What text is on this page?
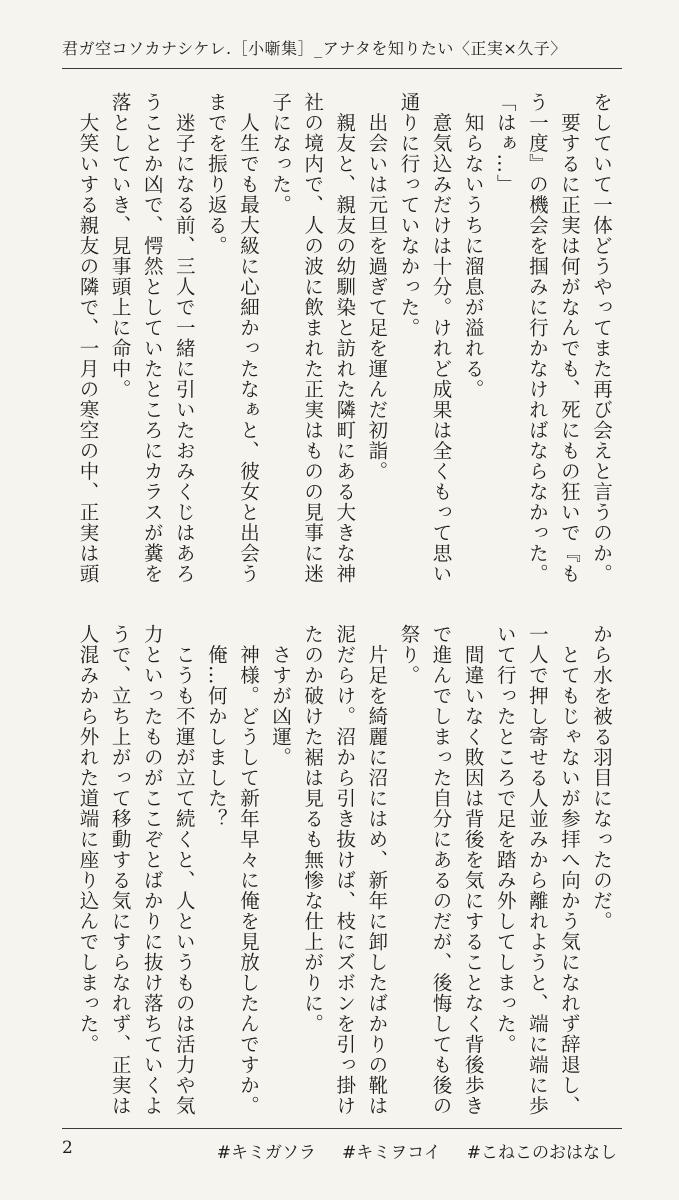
君ガ空コソカナシケレ.［小噺集］_アナタを知りたい〈正実×久子〉

をしていて一体どうやってまた再び会えと言うのか。

　要するに正実は何がなんでも、死にもの狂いで『も

う一度』の機会を掴みに行かなければならなかった。

「はぁ…」

　知らないうちに溜息が溢れる。

　意気込みだけは十分。けれど成果は全くもって思い

通りに行っていなかった。

　出会いは元旦を過ぎて足を運んだ初詣。

　親友と、親友の幼馴染と訪れた隣町にある大きな神

社の境内で、人の波に飲まれた正実はものの見事に迷

子になった。

　人生でも最大級に心細かったなぁと、彼女と出会う

までを振り返る。

　迷子になる前、三人で一緒に引いたおみくじはあろ

うことか凶で、愕然としていたところにカラスが糞を

落としていき、見事頭上に命中。

　大笑いする親友の隣で、一月の寒空の中、正実は頭

から水を被る羽目になったのだ。

　とてもじゃないが参拝へ向かう気になれず辞退し、

一人で押し寄せる人並みから離れようと、端に端に歩

いて行ったところで足を踏み外してしまった。

　間違いなく敗因は背後を気にすることなく背後歩き

で進んでしまった自分にあるのだが、後悔しても後の

祭り。

　片足を綺麗に沼にはめ、新年に卸したばかりの靴は

泥だらけ。沼から引き抜けば、枝にズボンを引っ掛け

たのか破けた裾は見るも無惨な仕上がりに。

　さすが凶運。

　神様。どうして新年早々に俺を見放したんですか。

　俺…何かしました？

　こうも不運が立て続くと、人というものは活力や気

力といったものがここぞとばかりに抜け落ちていくよ

うで、立ち上がって移動する気にすらなれず、正実は

人混みから外れた道端に座り込んでしまった。

2	#キミガソラ #キミヲコイ #こねこのおはなし
